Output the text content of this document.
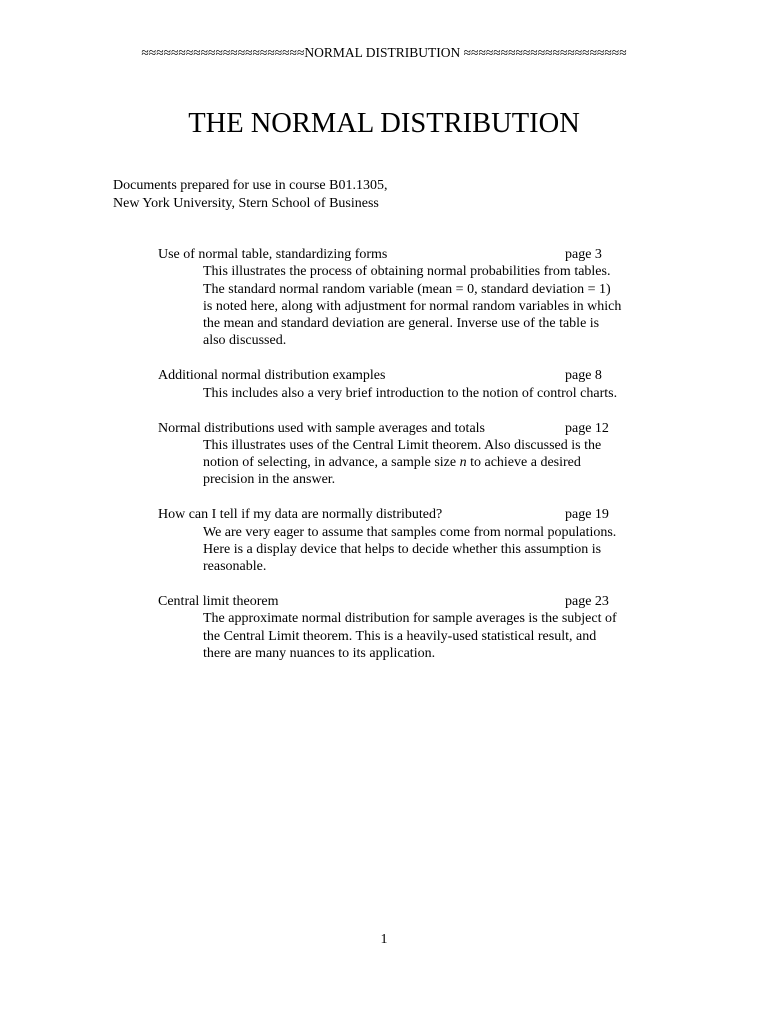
≈≈≈≈≈≈≈≈≈≈≈≈≈≈≈≈≈≈≈≈≈≈NORMAL DISTRIBUTION ≈≈≈≈≈≈≈≈≈≈≈≈≈≈≈≈≈≈≈≈≈≈
THE NORMAL DISTRIBUTION
Documents prepared for use in course B01.1305,
New York University, Stern School of Business
Use of normal table, standardizing forms	page 3
This illustrates the process of obtaining normal probabilities from tables.
The standard normal random variable (mean = 0, standard deviation = 1)
is noted here, along with adjustment for normal random variables in which
the mean and standard deviation are general. Inverse use of the table is
also discussed.
Additional normal distribution examples	page 8
This includes also a very brief introduction to the notion of control charts.
Normal distributions used with sample averages and totals	page 12
This illustrates uses of the Central Limit theorem. Also discussed is the
notion of selecting, in advance, a sample size n to achieve a desired
precision in the answer.
How can I tell if my data are normally distributed?	page 19
We are very eager to assume that samples come from normal populations.
Here is a display device that helps to decide whether this assumption is
reasonable.
Central limit theorem	page 23
The approximate normal distribution for sample averages is the subject of
the Central Limit theorem. This is a heavily-used statistical result, and
there are many nuances to its application.
1
